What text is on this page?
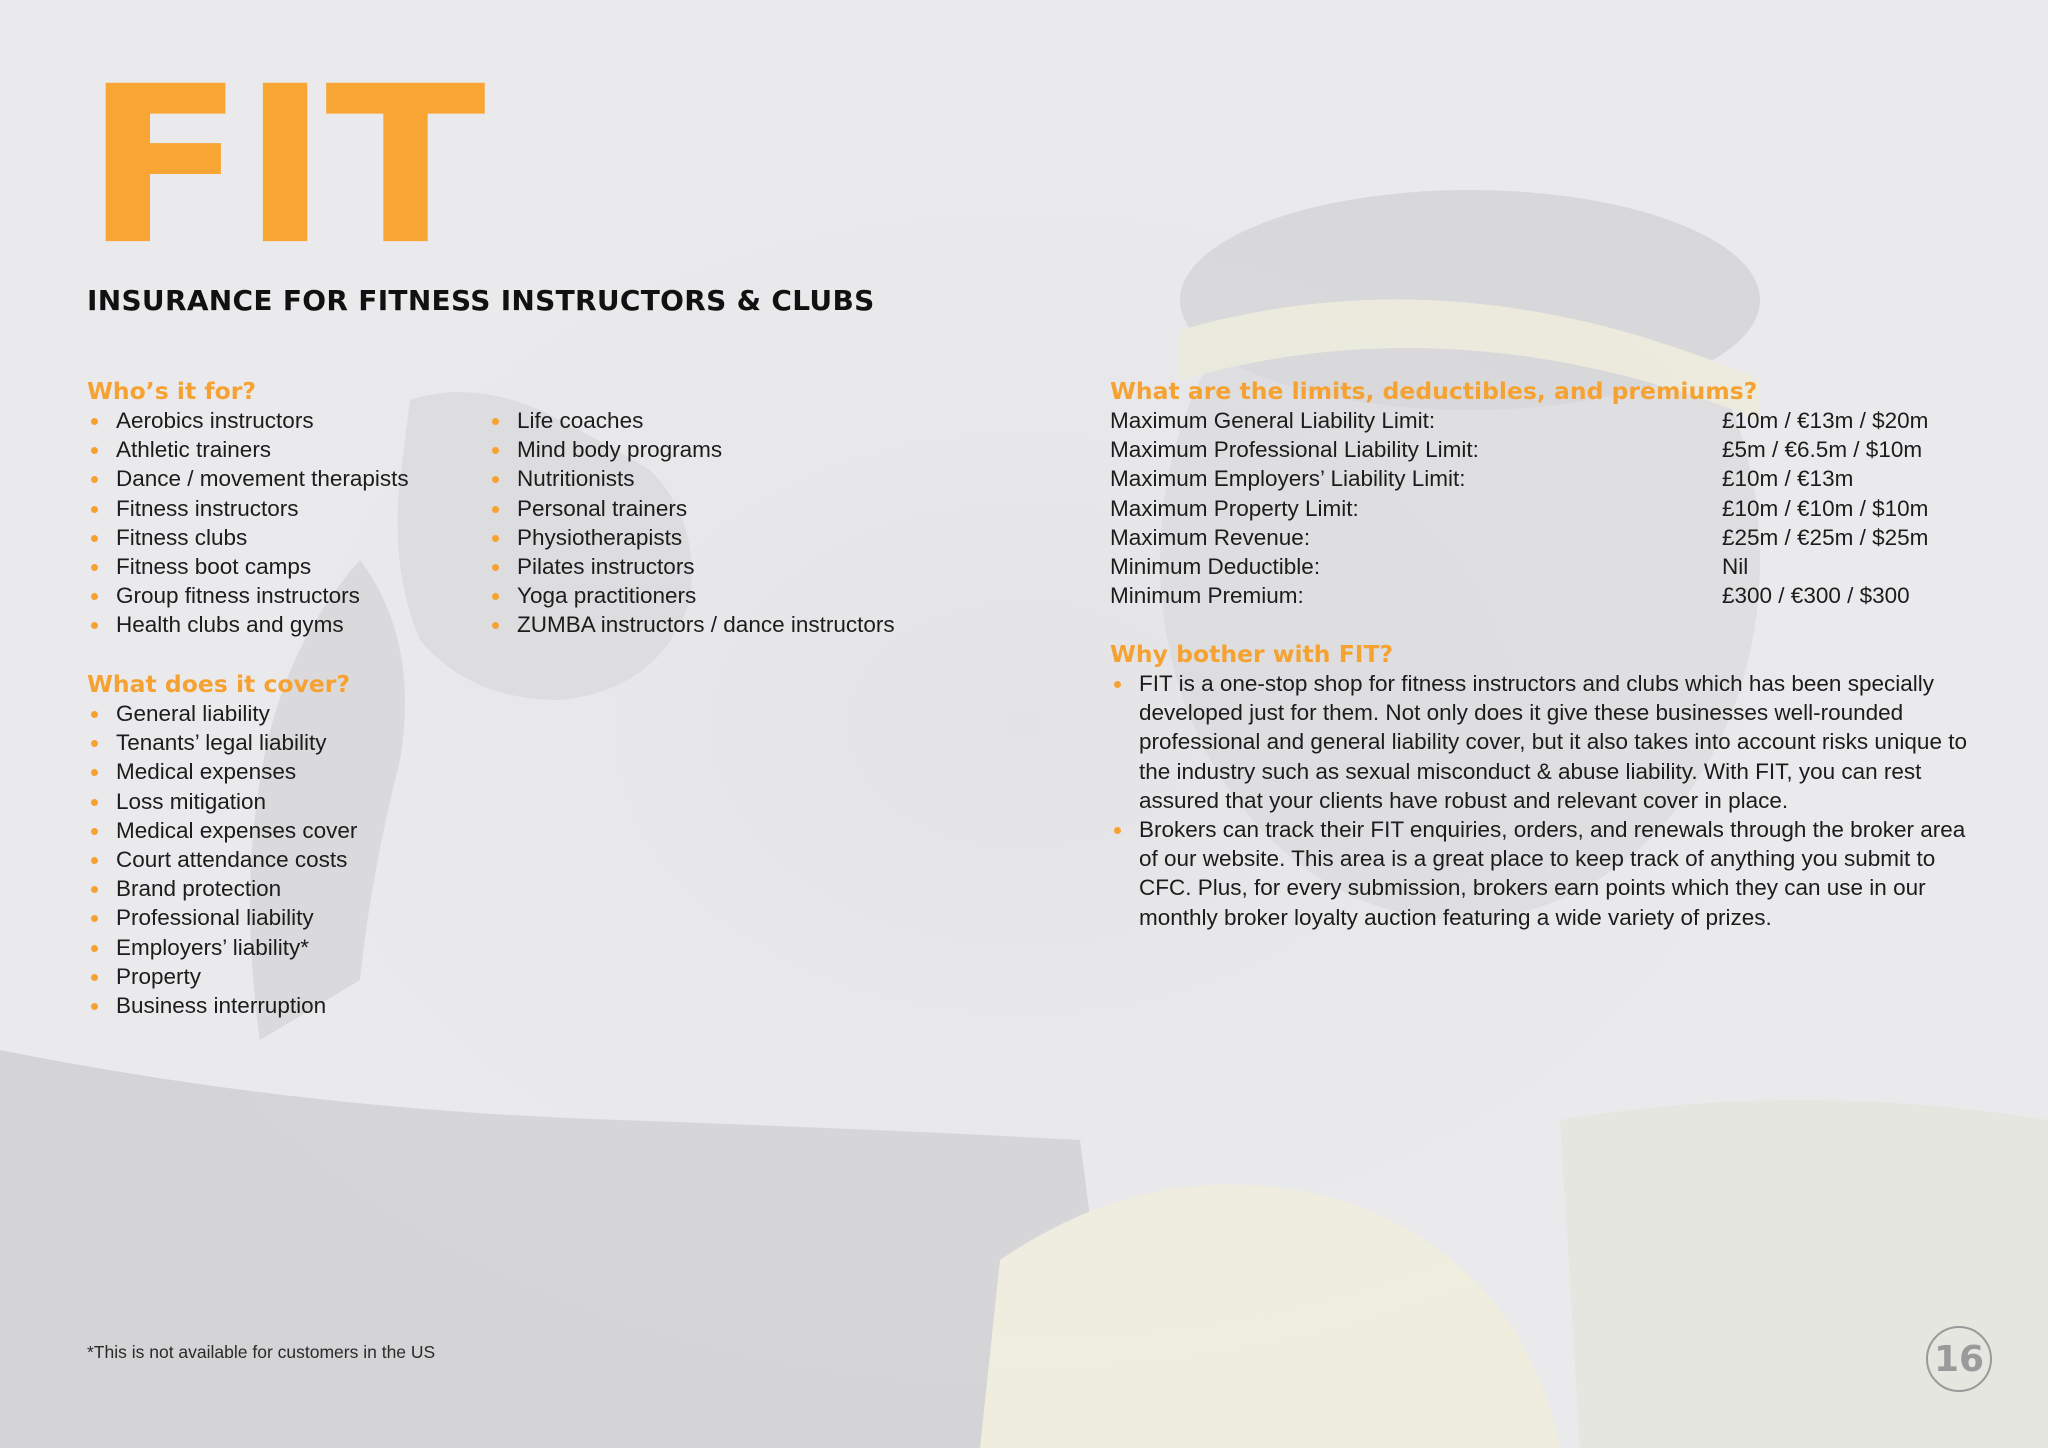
FIT
INSURANCE FOR FITNESS INSTRUCTORS & CLUBS
Who’s it for?
Aerobics instructors
Athletic trainers
Dance / movement therapists
Fitness instructors
Fitness clubs
Fitness boot camps
Group fitness instructors
Health clubs and gyms
Life coaches
Mind body programs
Nutritionists
Personal trainers
Physiotherapists
Pilates instructors
Yoga practitioners
ZUMBA instructors / dance instructors
What does it cover?
General liability
Tenants’ legal liability
Medical expenses
Loss mitigation
Medical expenses cover
Court attendance costs
Brand protection
Professional liability
Employers’ liability*
Property
Business interruption
What are the limits, deductibles, and premiums?
Maximum General Liability Limit:	£10m / €13m / $20m
Maximum Professional Liability Limit:	£5m / €6.5m / $10m
Maximum Employers’ Liability Limit:	£10m / €13m
Maximum Property Limit:	£10m / €10m / $10m
Maximum Revenue:	£25m / €25m / $25m
Minimum Deductible:	Nil
Minimum Premium:	£300 / €300 / $300
Why bother with FIT?
FIT is a one-stop shop for fitness instructors and clubs which has been specially developed just for them. Not only does it give these businesses well-rounded professional and general liability cover, but it also takes into account risks unique to the industry such as sexual misconduct & abuse liability. With FIT, you can rest assured that your clients have robust and relevant cover in place.
Brokers can track their FIT enquiries, orders, and renewals through the broker area of our website. This area is a great place to keep track of anything you submit to CFC. Plus, for every submission, brokers earn points which they can use in our monthly broker loyalty auction featuring a wide variety of prizes.
*This is not available for customers in the US	16
